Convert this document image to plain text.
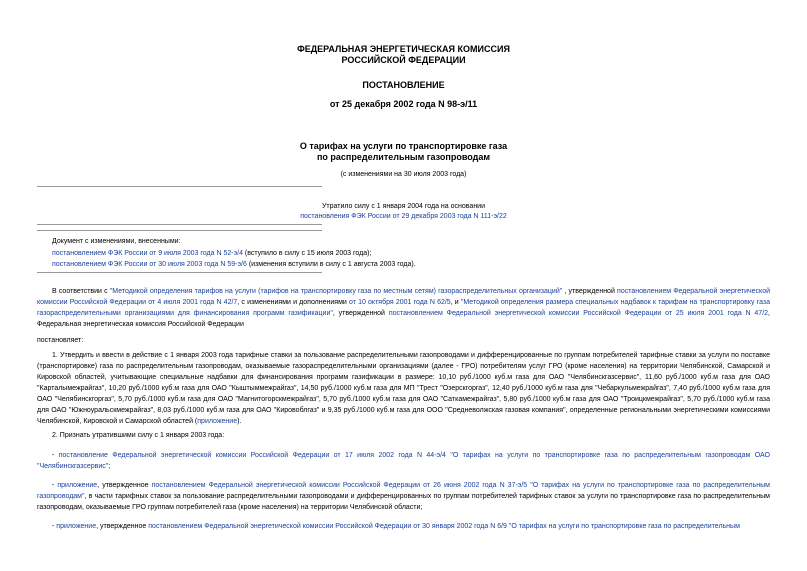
ФЕДЕРАЛЬНАЯ ЭНЕРГЕТИЧЕСКАЯ КОМИССИЯ
РОССИЙСКОЙ ФЕДЕРАЦИИ
ПОСТАНОВЛЕНИЕ
от 25 декабря 2002 года N 98-э/11
О тарифах на услуги по транспортировке газа
по распределительным газопроводам
(с изменениями на 30 июля 2003 года)
Утратило силу с 1 января 2004 года на основании
постановления ФЭК России от 29 декабря 2003 года N 111-э/22
Документ с изменениями, внесенными:
постановлением ФЭК России от 9 июля 2003 года N 52-э/4 (вступило в силу с 15 июля 2003 года);
постановлением ФЭК России от 30 июля 2003 года N 59-э/6 (изменения вступили в силу с 1 августа 2003 года).
В соответствии с "Методикой определения тарифов на услуги (тарифов на транспортировку газа по местным сетям) газораспределительных организаций" , утвержденной постановлением Федеральной энергетической комиссии Российской Федерации от 4 июля 2001 года N 42/7, с изменениями и дополнениями от 10 октября 2001 года N 62/5, и "Методикой определения размера специальных надбавок к тарифам на транспортировку газа газораспределительными организациями для финансирования программ газификации", утвержденной постановлением Федеральной энергетической комиссии Российской Федерации от 25 июля 2001 года N 47/2, Федеральная энергетическая комиссия Российской Федерации
постановляет:
1. Утвердить и ввести в действие с 1 января 2003 года тарифные ставки за пользование распределительными газопроводами и дифференцированные по группам потребителей тарифные ставки за услуги по поставке (транспортировке) газа по распределительным газопроводам, оказываемые газораспределительными организациями (далее - ГРО) потребителям услуг ГРО (кроме населения) на территории Челябинской, Самарской и Кировской областей, учитывающие специальные надбавки для финансирования программ газификации в размере: 10,10 руб./1000 куб.м газа для ОАО "Челябинскгазсервис", 11,60 руб./1000 куб.м газа для ОАО "Карталымежрайгаз", 10,20 руб./1000 куб.м газа для ОАО "Кыштыммежрайгаз", 14,50 руб./1000 куб.м газа для МП "Трест "Озерскгоргаз", 12,40 руб./1000 куб.м газа для "Чебаркульмежрайгаз", 7,40 руб./1000 куб.м газа для ОАО "Челябинскгоргаз", 5,70 руб./1000 куб.м газа для ОАО "Магнитогорскмежрайгаз", 5,70 руб./1000 куб.м газа для ОАО "Саткамежрайгаз", 5,80 руб./1000 куб.м газа для ОАО "Троицкмежрайгаз", 5,70 руб./1000 куб.м газа для ОАО "Южноуральскмежрайгаз", 8,03 руб./1000 куб.м газа для ОАО "Кировоблгаз" и 9,35 руб./1000 куб.м газа для ООО "Средневолжская газовая компания", определенные региональными энергетическими комиссиями Челябинской, Кировской и Самарской областей (приложение).
2. Признать утратившими силу с 1 января 2003 года:
- постановление Федеральной энергетической комиссии Российской Федерации от 17 июля 2002 года N 44-э/4 "О тарифах на услуги по транспортировке газа по распределительным газопроводам ОАО "Челябинскгазсервис";
- приложение, утвержденное постановлением Федеральной энергетической комиссии Российской Федерации от 26 июня 2002 года N 37-э/5 "О тарифах на услуги по транспортировке газа по распределительным газопроводам", в части тарифных ставок за пользование распределительными газопроводами и дифференцированных по группам потребителей тарифных ставок за услуги по транспортировке газа по распределительным газопроводам, оказываемые ГРО группам потребителей газа (кроме населения) на территории Челябинской области;
- приложение, утвержденное постановлением Федеральной энергетической комиссии Российской Федерации от 30 января 2002 года N 6/9 "О тарифах на услуги по транспортировке газа по распределительным
